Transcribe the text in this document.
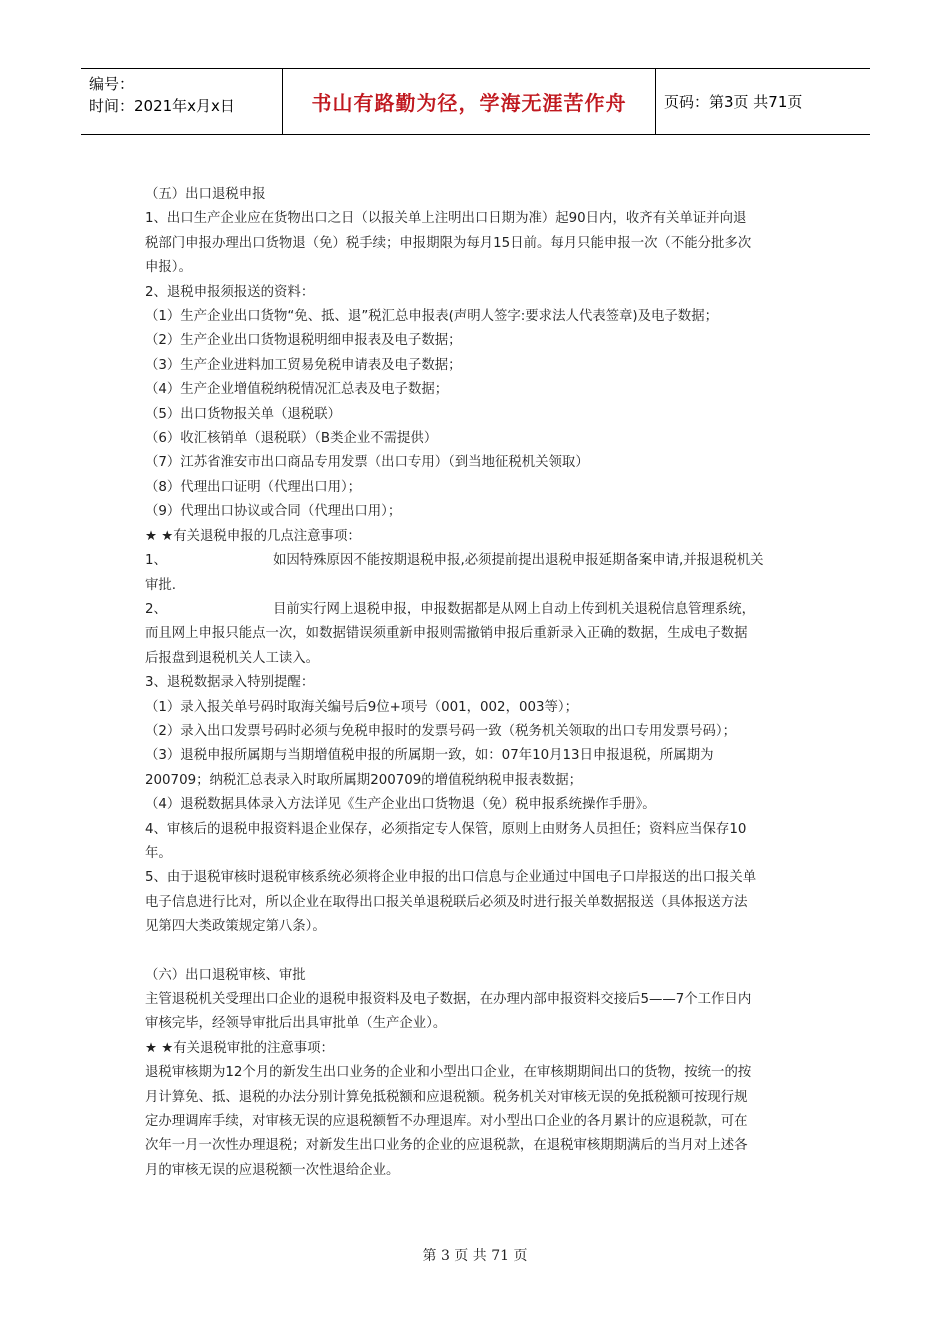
编号：
时间：2021年x月x日	书山有路勤为径，学海无涯苦作舟	页码：第3页 共71页

（五）出口退税申报

1、出口生产企业应在货物出口之日（以报关单上注明出口日期为准）起90日内，收齐有关单证并向退

税部门申报办理出口货物退（免）税手续；申报期限为每月15日前。每月只能申报一次（不能分批多次

申报）。

2、退税申报须报送的资料：

（1）生产企业出口货物“免、抵、退”税汇总申报表(声明人签字:要求法人代表签章)及电子数据；

（2）生产企业出口货物退税明细申报表及电子数据；

（3）生产企业进料加工贸易免税申请表及电子数据；

（4）生产企业增值税纳税情况汇总表及电子数据；

（5）出口货物报关单（退税联）

（6）收汇核销单（退税联）（B类企业不需提供）

（7）江苏省淮安市出口商品专用发票（出口专用）（到当地征税机关领取）

（8）代理出口证明（代理出口用）；

（9）代理出口协议或合同（代理出口用）；

★ ★有关退税申报的几点注意事项：

1、	如因特殊原因不能按期退税申报,必须提前提出退税申报延期备案申请,并报退税机关

审批.

2、	目前实行网上退税申报，申报数据都是从网上自动上传到机关退税信息管理系统，

而且网上申报只能点一次，如数据错误须重新申报则需撤销申报后重新录入正确的数据，生成电子数据

后报盘到退税机关人工读入。

3、退税数据录入特别提醒：

（1）录入报关单号码时取海关编号后9位+项号（001，002，003等）；

（2）录入出口发票号码时必须与免税申报时的发票号码一致（税务机关领取的出口专用发票号码）；

（3）退税申报所属期与当期增值税申报的所属期一致，如：07年10月13日申报退税，所属期为

200709；纳税汇总表录入时取所属期200709的增值税纳税申报表数据；

（4）退税数据具体录入方法详见《生产企业出口货物退（免）税申报系统操作手册》。

4、审核后的退税申报资料退企业保存，必须指定专人保管，原则上由财务人员担任；资料应当保存10

年。

5、由于退税审核时退税审核系统必须将企业申报的出口信息与企业通过中国电子口岸报送的出口报关单

电子信息进行比对，所以企业在取得出口报关单退税联后必须及时进行报关单数据报送（具体报送方法

见第四大类政策规定第八条）。

（六）出口退税审核、审批

主管退税机关受理出口企业的退税申报资料及电子数据，在办理内部申报资料交接后5——7个工作日内

审核完毕，经领导审批后出具审批单（生产企业）。

★ ★有关退税审批的注意事项：

退税审核期为12个月的新发生出口业务的企业和小型出口企业，在审核期期间出口的货物，按统一的按

月计算免、抵、退税的办法分别计算免抵税额和应退税额。税务机关对审核无误的免抵税额可按现行规

定办理调库手续，对审核无误的应退税额暂不办理退库。对小型出口企业的各月累计的应退税款，可在

次年一月一次性办理退税；对新发生出口业务的企业的应退税款，在退税审核期期满后的当月对上述各

月的审核无误的应退税额一次性退给企业。

第 3 页 共 71 页
